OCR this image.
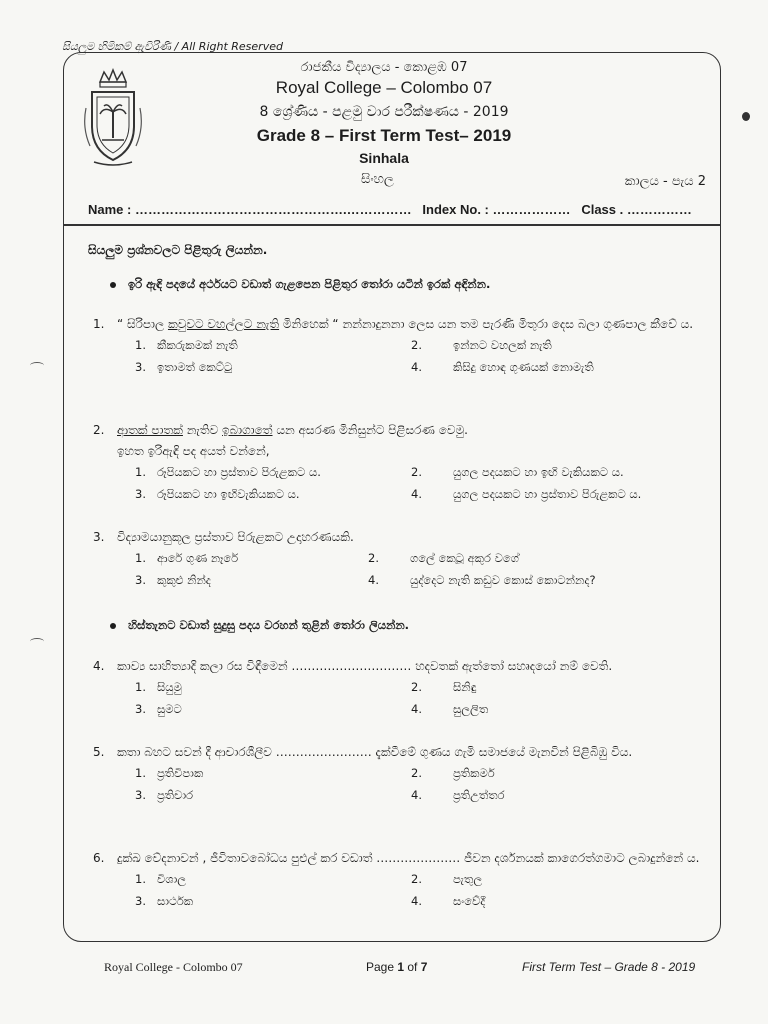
සියලුම හිමිකම් ඇවිරිණි / All Right Reserved
රාජකීය විද්‍යාලය - කොළඹ 07
Royal College – Colombo 07
8 ශ්‍රේණිය - පළමු වාර පරීක්ෂණය - 2019
Grade 8 – First Term Test– 2019
Sinhala
සිංහල	කාලය - පැය 2
Name : ………………………………………….…………… Index No. : ……………… Class . ……………
සියලුම ප්‍රශ්නවලට පිළිතුරු ලියන්න.
ඉරි ඇඳි පදයේ අර්ථයට වඩාත් ගැළපෙන පිළිතුර තෝරා යටින් ඉරක් අඳින්න.
1. “ සිරිපාල කවුවට වහල්ලට නැති මිනිහෙක් “ නන්නාදුනනා ලෙස යන තම පැරණි මිතුරා දෙස බලා ගුණපාල කීවේ ය.
1. කීකරුකමක් නැති	2.	ඉන්නට වහලක් නැති
3. ඉතාමත් කෙට්ටු	4.	කිසිදු හොඳ ගුණයක් නොමැති
2. ආතක් පාතක් නැතිව ඉබාගාතේ යන අසරණ මිනිසුන්ට පිළිසරණ වෙමු.
ඉහත ඉරිඇඳි පද අයත් වන්නේ,
1. රූපියකට හා ප්‍රස්තාව පිරුළකට ය.	2.	යුගල පදයකට හා ඉඟි වැකියකට ය.
3. රූපියකට හා ඉඟිවැකියකට ය.	4.	යුගල පදයකට හා ප්‍රස්තාව පිරුළකට ය.
3. විද්‍යාමයානුකූල ප්‍රස්තාව පිරුළකට උදාහරණයකි.
1. ආරේ ගුණ නෑරේ	2.	ගලේ කෙටූ අකුර වගේ
3. කුකුළු නින්ද	4.	යුද්දෙට නැති කඩුව කොස් කොටන්නද?
හිස්තැනට වඩාත් සුදුසු පදය වරහන් තුළින් තෝරා ලියන්න.
4. කාව්‍ය සාහිත්‍යාදි කලා රස විඳීමෙන් ………………………… හදවතක් ඇත්තෝ සහෘදයෝ නම් වෙති.
1. සියුමු	2.	සිනිඳු
3. සුමට	4.	සුලලිත
5. කතා බහට සවන් දී ආචාරශීලීව …………………… දැක්වීමේ ගුණය ගැමි සමාජයේ මැනවින් පිළිබිඹු විය.
1. ප්‍රතිවිපාක	2.	ප්‍රතිකර්ම
3. ප්‍රතිචාර	4.	ප්‍රතිඋත්තර
6. දුක්ඛ වේදනාවන් , ජීවිතාවබෝධය පුළුල් කර වඩාත් ………………… ජීවන දර්ශනයක් කාගෙරත්ගමාට ලබාදුන්නේ ය.
1. විශාල	2.	පැතුල
3. සාර්ථක	4.	සංවේදී
Royal College - Colombo 07	Page 1 of 7	First Term Test – Grade 8 - 2019
